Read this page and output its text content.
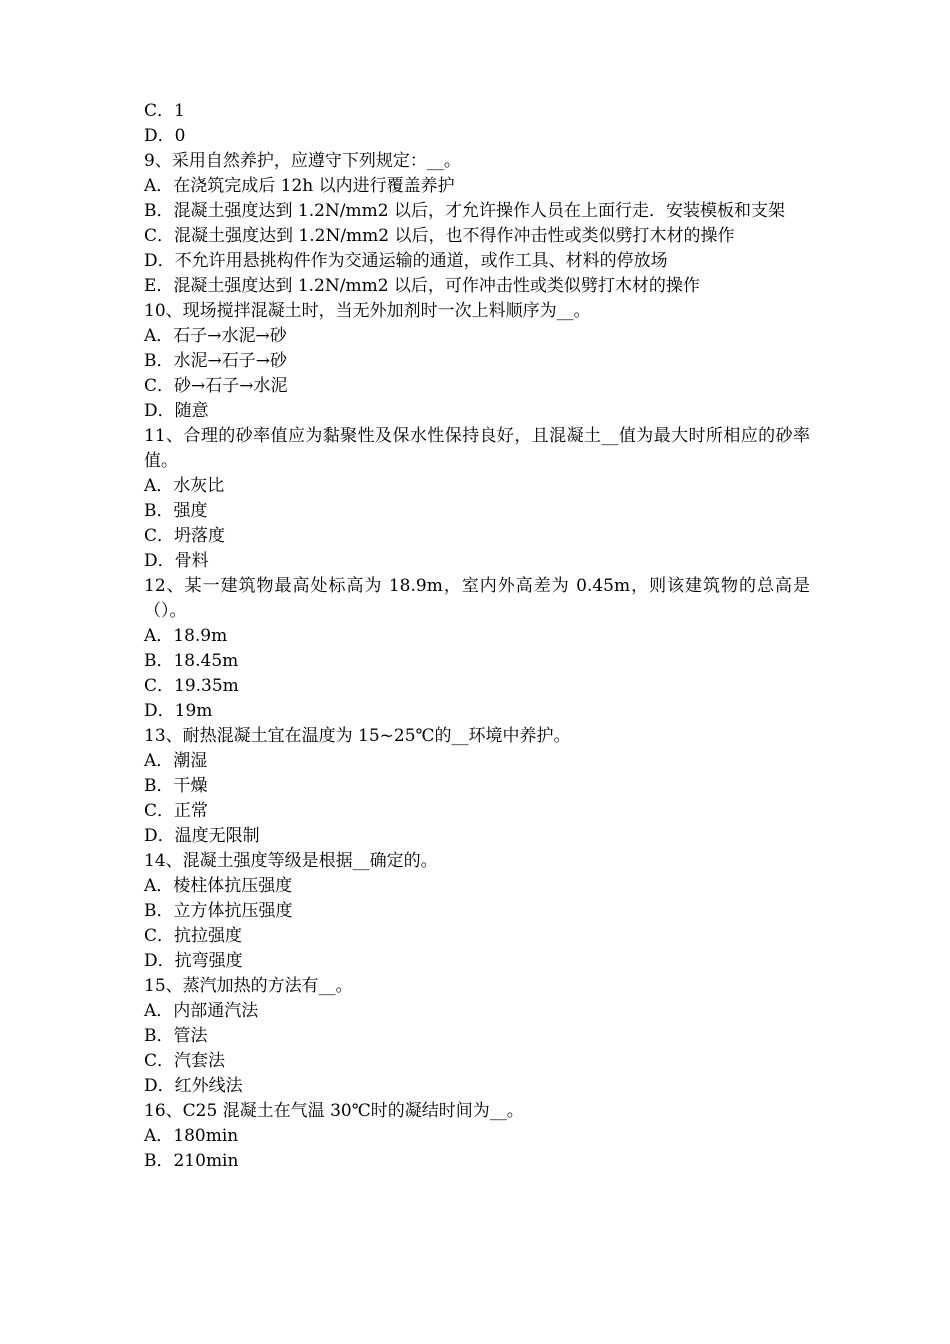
C．1
D．0
9、采用自然养护，应遵守下列规定：__。
A．在浇筑完成后 12h 以内进行覆盖养护
B．混凝土强度达到 1.2N/mm2 以后，才允许操作人员在上面行走．安装模板和支架
C．混凝土强度达到 1.2N/mm2 以后，也不得作冲击性或类似劈打木材的操作
D．不允许用悬挑构件作为交通运输的通道，或作工具、材料的停放场
E．混凝土强度达到 1.2N/mm2 以后，可作冲击性或类似劈打木材的操作
10、现场搅拌混凝土时，当无外加剂时一次上料顺序为__。
A．石子→水泥→砂
B．水泥→石子→砂
C．砂→石子→水泥
D．随意
11、合理的砂率值应为黏聚性及保水性保持良好，且混凝土__值为最大时所相应的砂率值。
A．水灰比
B．强度
C．坍落度
D．骨料
12、某一建筑物最高处标高为 18.9m，室内外高差为 0.45m，则该建筑物的总高是（）。
A．18.9m
B．18.45m
C．19.35m
D．19m
13、耐热混凝土宜在温度为 15~25℃的__环境中养护。
A．潮湿
B．干燥
C．正常
D．温度无限制
14、混凝土强度等级是根据__确定的。
A．棱柱体抗压强度
B．立方体抗压强度
C．抗拉强度
D．抗弯强度
15、蒸汽加热的方法有__。
A．内部通汽法
B．管法
C．汽套法
D．红外线法
16、C25 混凝土在气温 30℃时的凝结时间为__。
A．180min
B．210min
